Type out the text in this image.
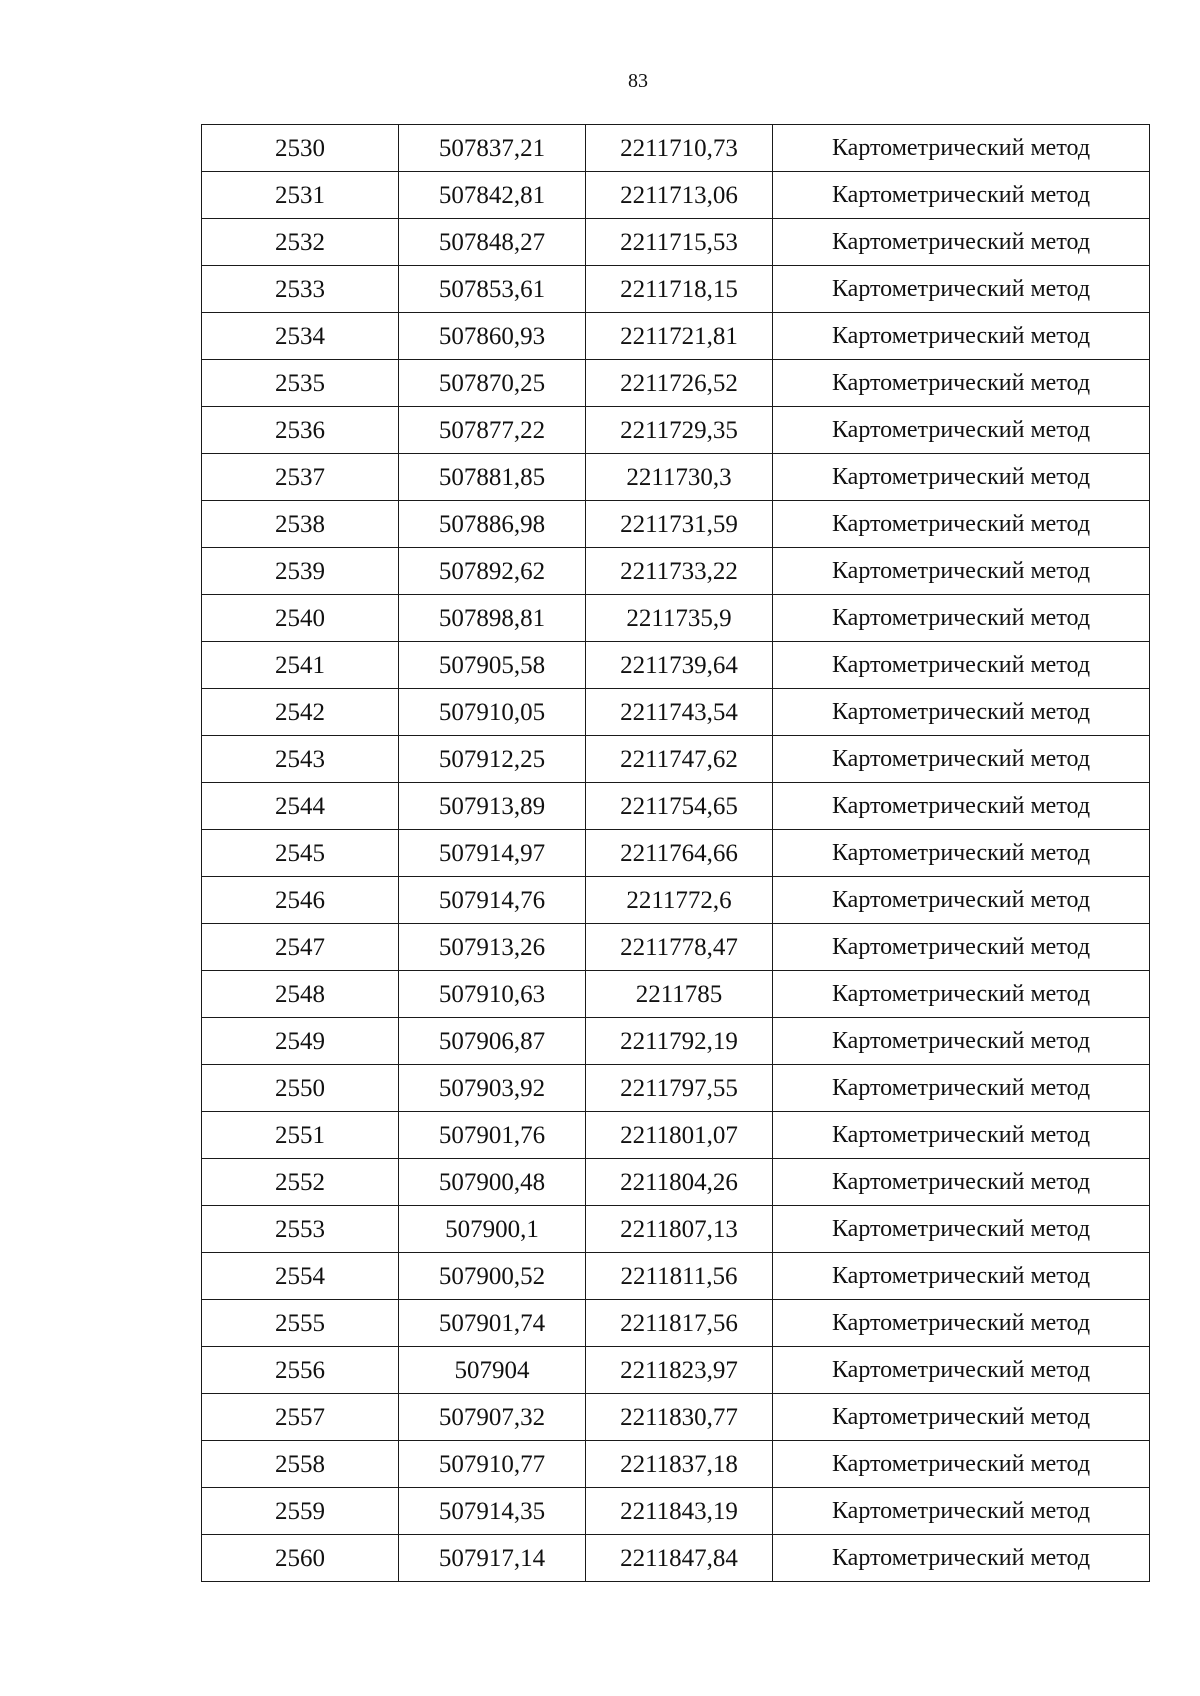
83
2530	507837,21	2211710,73	Картометрический метод
2531	507842,81	2211713,06	Картометрический метод
2532	507848,27	2211715,53	Картометрический метод
2533	507853,61	2211718,15	Картометрический метод
2534	507860,93	2211721,81	Картометрический метод
2535	507870,25	2211726,52	Картометрический метод
2536	507877,22	2211729,35	Картометрический метод
2537	507881,85	2211730,3	Картометрический метод
2538	507886,98	2211731,59	Картометрический метод
2539	507892,62	2211733,22	Картометрический метод
2540	507898,81	2211735,9	Картометрический метод
2541	507905,58	2211739,64	Картометрический метод
2542	507910,05	2211743,54	Картометрический метод
2543	507912,25	2211747,62	Картометрический метод
2544	507913,89	2211754,65	Картометрический метод
2545	507914,97	2211764,66	Картометрический метод
2546	507914,76	2211772,6	Картометрический метод
2547	507913,26	2211778,47	Картометрический метод
2548	507910,63	2211785	Картометрический метод
2549	507906,87	2211792,19	Картометрический метод
2550	507903,92	2211797,55	Картометрический метод
2551	507901,76	2211801,07	Картометрический метод
2552	507900,48	2211804,26	Картометрический метод
2553	507900,1	2211807,13	Картометрический метод
2554	507900,52	2211811,56	Картометрический метод
2555	507901,74	2211817,56	Картометрический метод
2556	507904	2211823,97	Картометрический метод
2557	507907,32	2211830,77	Картометрический метод
2558	507910,77	2211837,18	Картометрический метод
2559	507914,35	2211843,19	Картометрический метод
2560	507917,14	2211847,84	Картометрический метод
